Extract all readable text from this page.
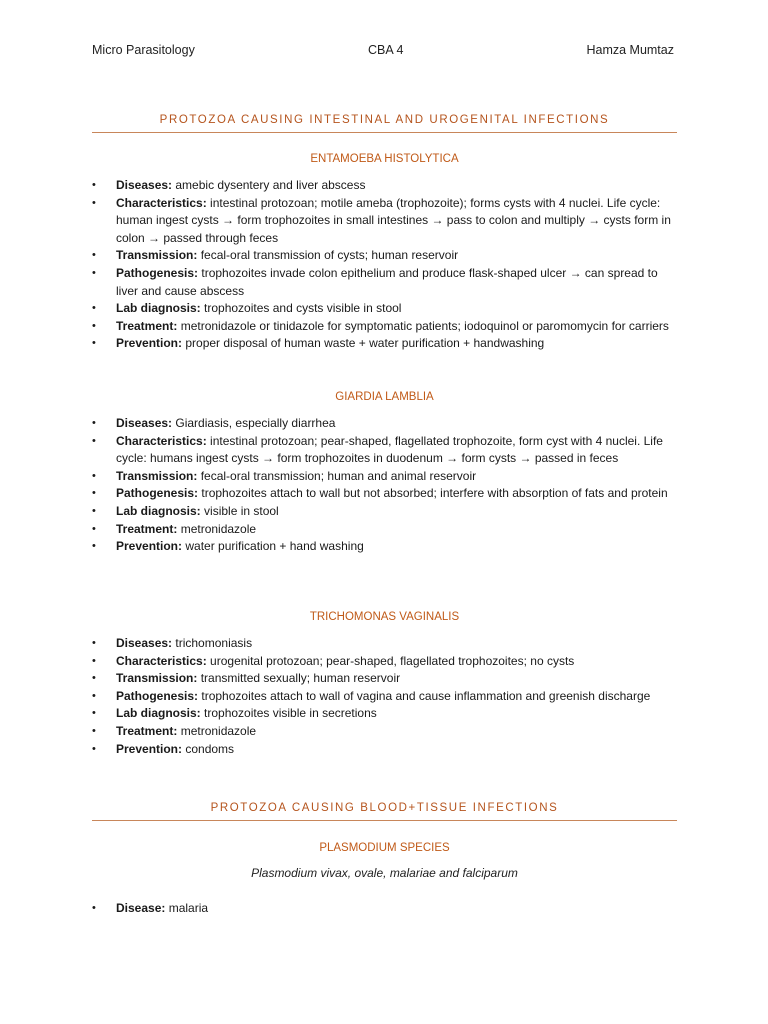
Micro Parasitology	CBA 4	Hamza Mumtaz
PROTOZOA CAUSING INTESTINAL AND UROGENITAL INFECTIONS
ENTAMOEBA HISTOLYTICA
• Diseases: amebic dysentery and liver abscess
• Characteristics: intestinal protozoan; motile ameba (trophozoite); forms cysts with 4 nuclei. Life cycle: human ingest cysts → form trophozoites in small intestines → pass to colon and multiply → cysts form in colon → passed through feces
• Transmission: fecal-oral transmission of cysts; human reservoir
• Pathogenesis: trophozoites invade colon epithelium and produce flask-shaped ulcer → can spread to liver and cause abscess
• Lab diagnosis: trophozoites and cysts visible in stool
• Treatment: metronidazole or tinidazole for symptomatic patients; iodoquinol or paromomycin for carriers
• Prevention: proper disposal of human waste + water purification + handwashing
GIARDIA LAMBLIA
• Diseases: Giardiasis, especially diarrhea
• Characteristics: intestinal protozoan; pear-shaped, flagellated trophozoite, form cyst with 4 nuclei. Life cycle: humans ingest cysts → form trophozoites in duodenum → form cysts → passed in feces
• Transmission: fecal-oral transmission; human and animal reservoir
• Pathogenesis: trophozoites attach to wall but not absorbed; interfere with absorption of fats and protein
• Lab diagnosis: visible in stool
• Treatment: metronidazole
• Prevention: water purification + hand washing
TRICHOMONAS VAGINALIS
• Diseases: trichomoniasis
• Characteristics: urogenital protozoan; pear-shaped, flagellated trophozoites; no cysts
• Transmission: transmitted sexually; human reservoir
• Pathogenesis: trophozoites attach to wall of vagina and cause inflammation and greenish discharge
• Lab diagnosis: trophozoites visible in secretions
• Treatment: metronidazole
• Prevention: condoms
PROTOZOA CAUSING BLOOD+TISSUE INFECTIONS
PLASMODIUM SPECIES
Plasmodium vivax, ovale, malariae and falciparum
• Disease: malaria
